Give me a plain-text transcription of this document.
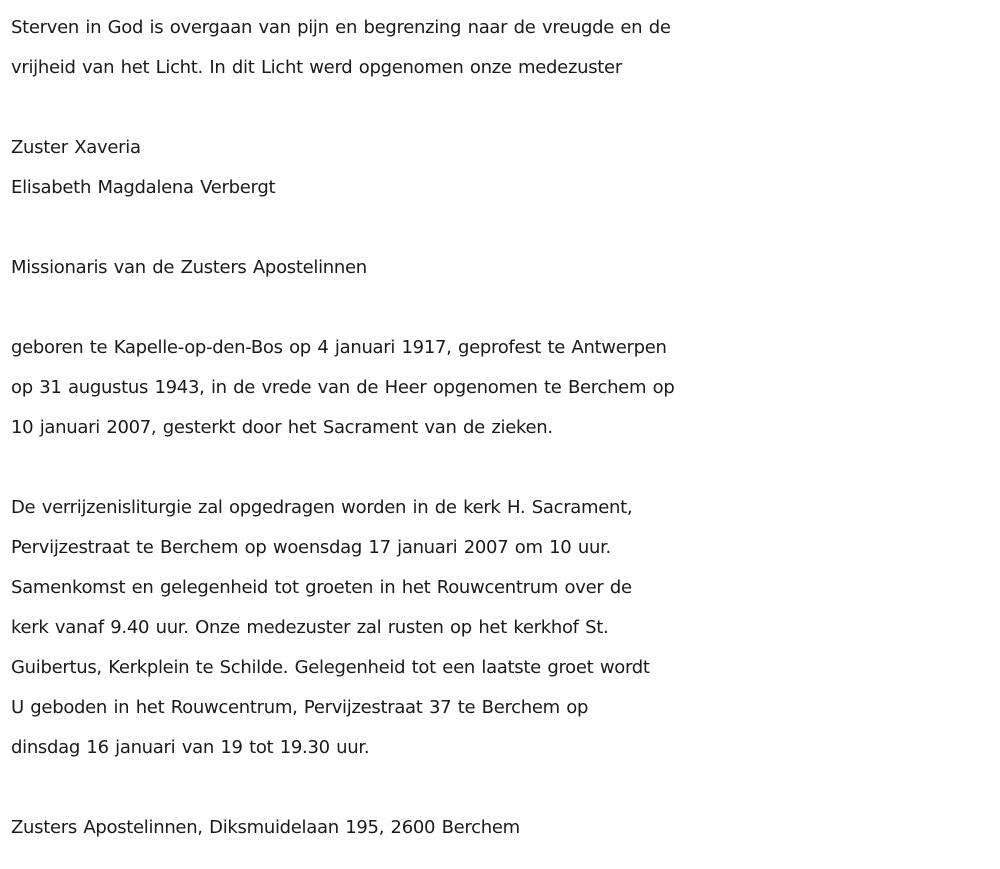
Sterven in God is overgaan van pijn en begrenzing naar de vreugde en de
vrijheid van het Licht. In dit Licht werd opgenomen onze medezuster
Zuster Xaveria
Elisabeth Magdalena Verbergt
Missionaris van de Zusters Apostelinnen
geboren te Kapelle-op-den-Bos op 4 januari 1917, geprofest te Antwerpen
op 31 augustus 1943, in de vrede van de Heer opgenomen te Berchem op
10 januari 2007, gesterkt door het Sacrament van de zieken.
De verrijzenisliturgie zal opgedragen worden in de kerk H. Sacrament,
Pervijzestraat te Berchem op woensdag 17 januari 2007 om 10 uur.
Samenkomst en gelegenheid tot groeten in het Rouwcentrum over de
kerk vanaf 9.40 uur. Onze medezuster zal rusten op het kerkhof St.
Guibertus, Kerkplein te Schilde. Gelegenheid tot een laatste groet wordt
U geboden in het Rouwcentrum, Pervijzestraat 37 te Berchem op
dinsdag 16 januari van 19 tot 19.30 uur.
Zusters Apostelinnen, Diksmuidelaan 195, 2600 Berchem
